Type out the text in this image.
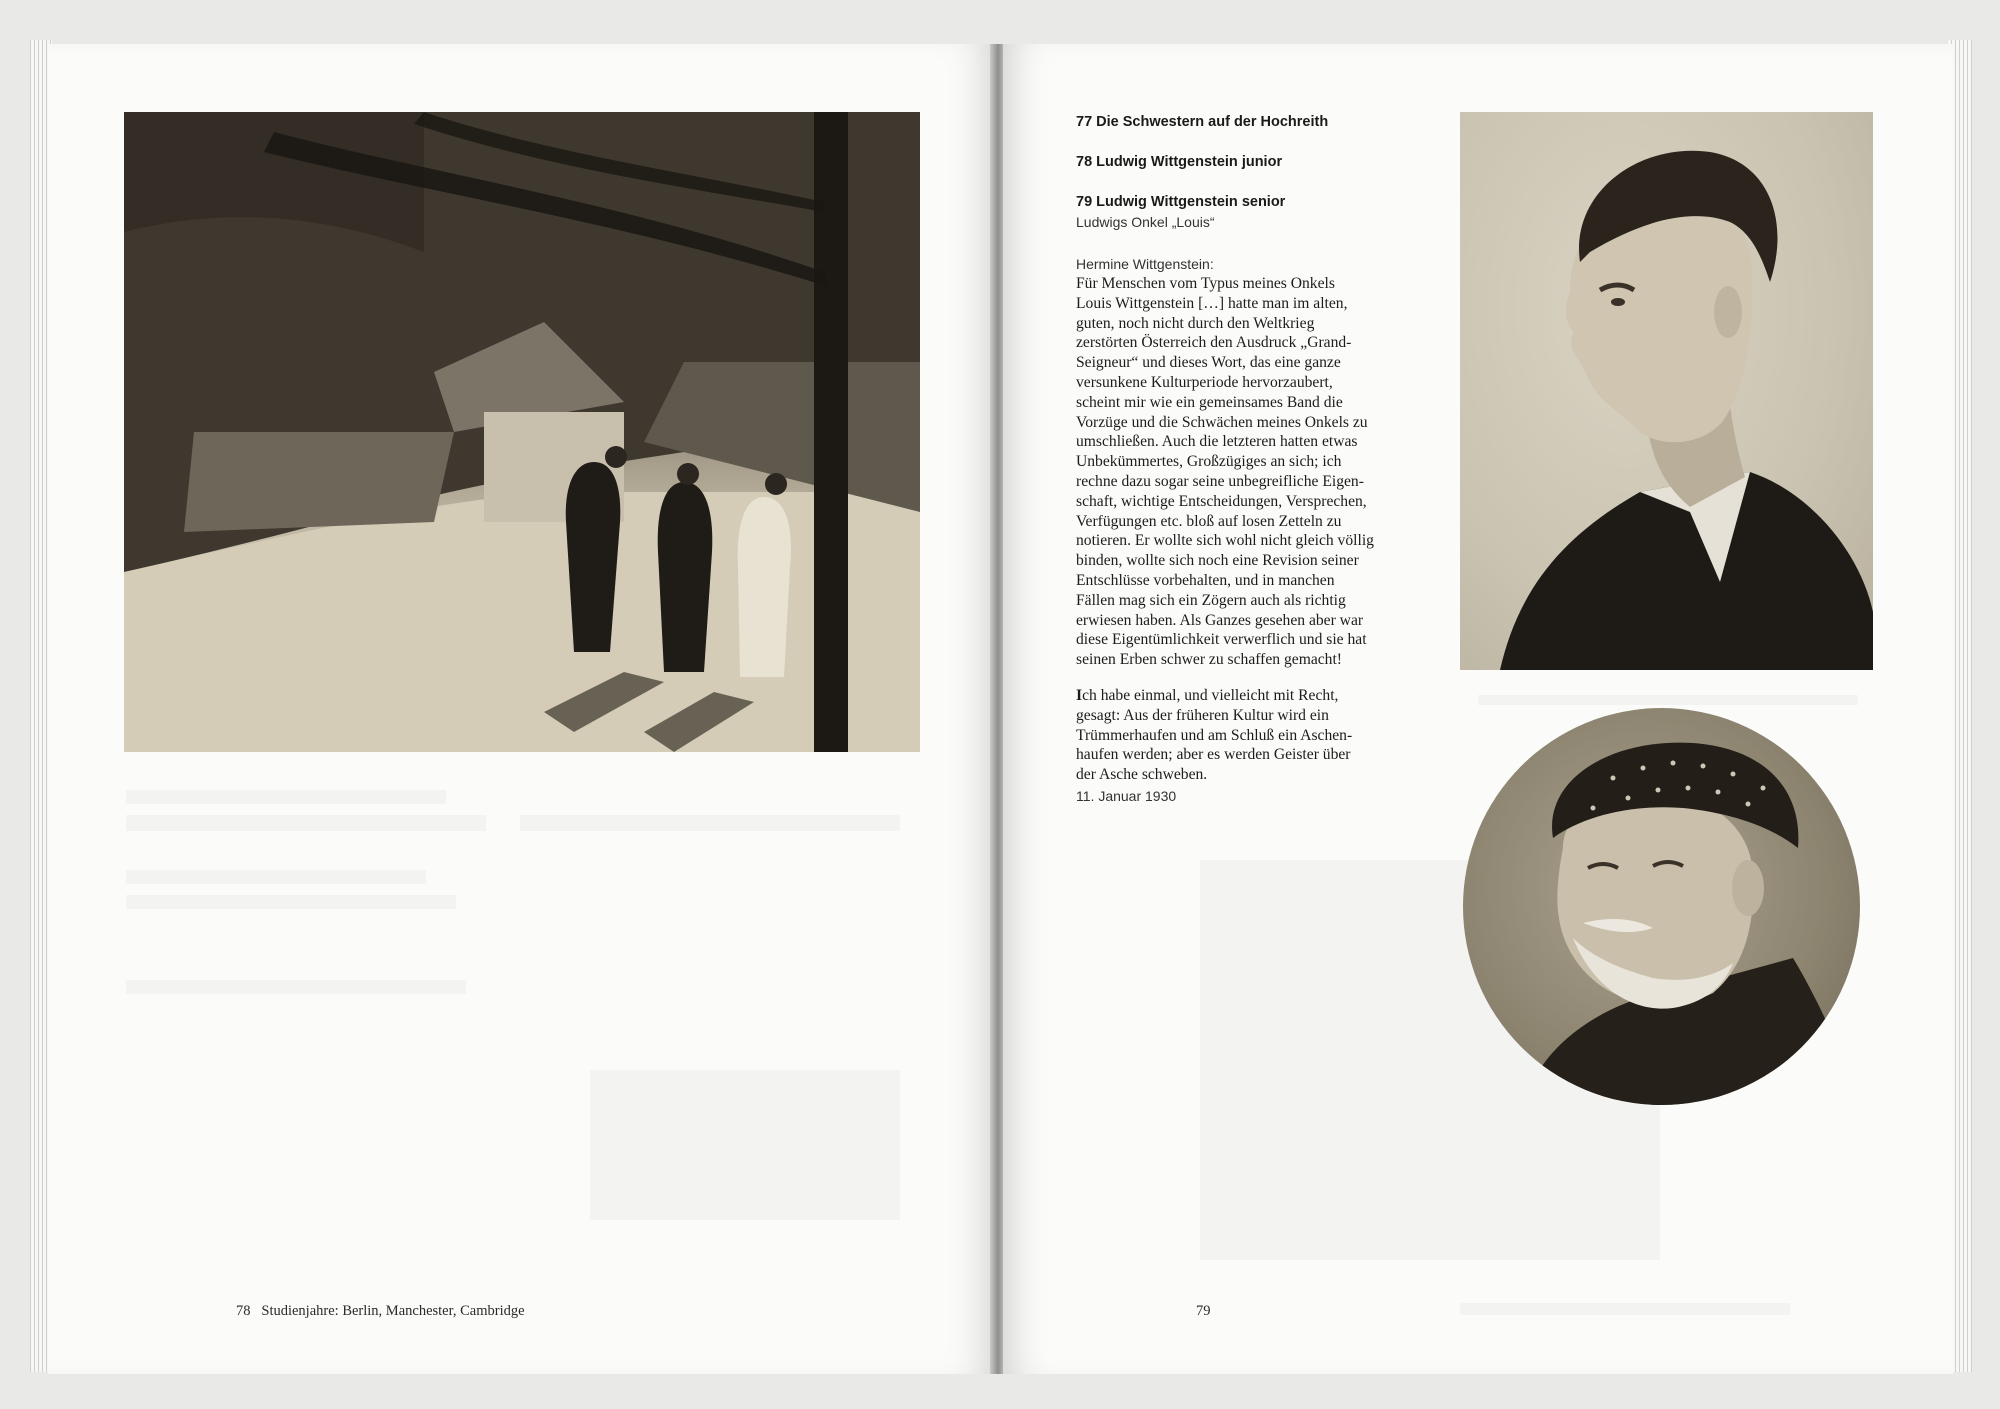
78 Studienjahre: Berlin, Manchester, Cambridge
77 Die Schwestern auf der Hochreith
78 Ludwig Wittgenstein junior
79 Ludwig Wittgenstein senior
Ludwigs Onkel „Louis“
Hermine Wittgenstein:
Für Menschen vom Typus meines Onkels
Louis Wittgenstein […] hatte man im alten,
guten, noch nicht durch den Weltkrieg
zerstörten Österreich den Ausdruck „Grand-
Seigneur“ und dieses Wort, das eine ganze
versunkene Kulturperiode hervorzaubert,
scheint mir wie ein gemeinsames Band die
Vorzüge und die Schwächen meines Onkels zu
umschließen. Auch die letzteren hatten etwas
Unbekümmertes, Großzügiges an sich; ich
rechne dazu sogar seine unbegreifliche Eigen-
schaft, wichtige Entscheidungen, Versprechen,
Verfügungen etc. bloß auf losen Zetteln zu
notieren. Er wollte sich wohl nicht gleich völlig
binden, wollte sich noch eine Revision seiner
Entschlüsse vorbehalten, und in manchen
Fällen mag sich ein Zögern auch als richtig
erwiesen haben. Als Ganzes gesehen aber war
diese Eigentümlichkeit verwerflich und sie hat
seinen Erben schwer zu schaffen gemacht!
Ich habe einmal, und vielleicht mit Recht,
gesagt: Aus der früheren Kultur wird ein
Trümmerhaufen und am Schluß ein Aschen-
haufen werden; aber es werden Geister über
der Asche schweben.
11. Januar 1930
79
